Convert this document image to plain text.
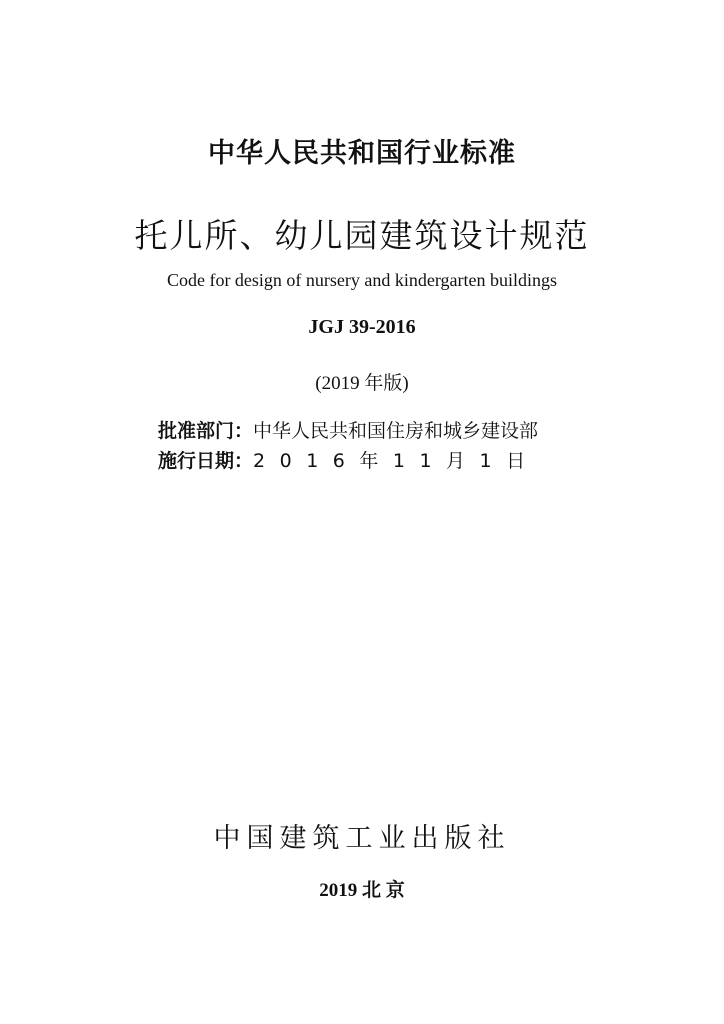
中华人民共和国行业标准
托儿所、幼儿园建筑设计规范
Code for design of nursery and kindergarten buildings
JGJ 39-2016
(2019 年版)
批准部门：中华人民共和国住房和城乡建设部
施行日期：2016年11月1日
中国建筑工业出版社
2019 北 京
